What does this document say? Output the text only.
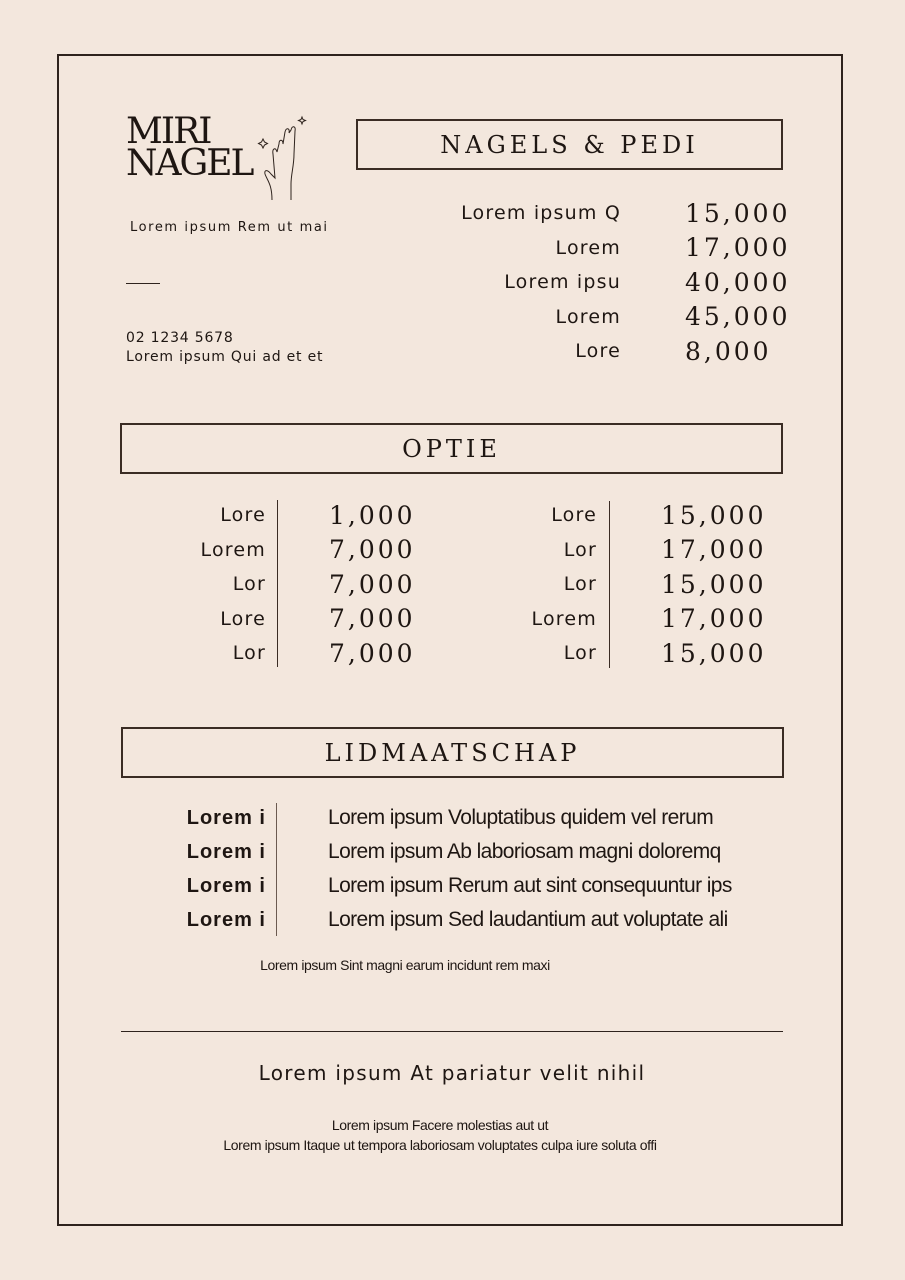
MIRI
NAGEL
Lorem ipsum Rem ut mai
02 1234 5678
Lorem ipsum Qui ad et et
NAGELS & PEDI
Lorem ipsum Q	15,000
Lorem	17,000
Lorem ipsu	40,000
Lorem	45,000
Lore	8,000
OPTIE
Lore	1,000
Lorem	7,000
Lor	7,000
Lore	7,000
Lor	7,000
Lore	15,000
Lor	17,000
Lor	15,000
Lorem	17,000
Lor	15,000
LIDMAATSCHAP
Lorem i	Lorem ipsum Voluptatibus quidem vel rerum
Lorem i	Lorem ipsum Ab laboriosam magni doloremq
Lorem i	Lorem ipsum Rerum aut sint consequuntur ips
Lorem i	Lorem ipsum Sed laudantium aut voluptate ali
Lorem ipsum Sint magni earum incidunt rem maxi
Lorem ipsum At pariatur velit nihil
Lorem ipsum Facere molestias aut ut
Lorem ipsum Itaque ut tempora laboriosam voluptates culpa iure soluta offi
